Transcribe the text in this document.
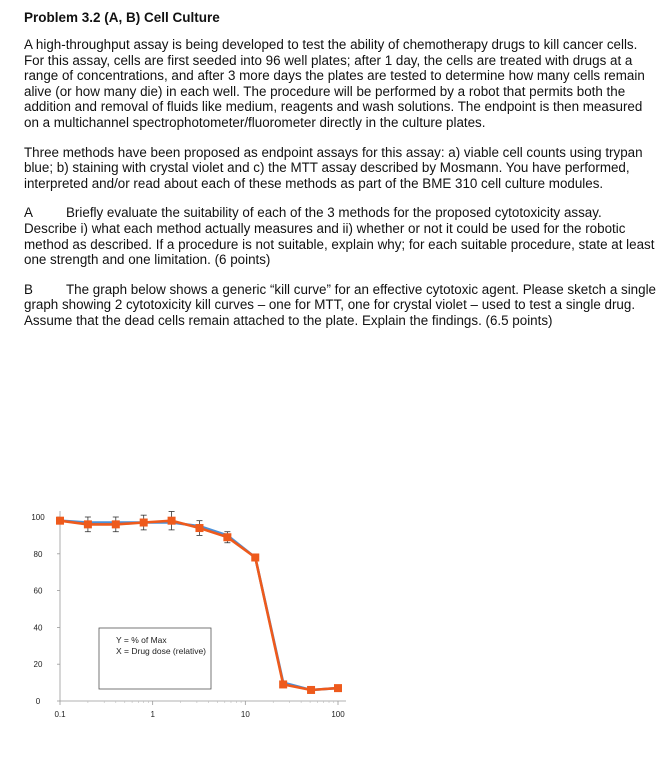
Problem 3.2 (A, B) Cell Culture

A high-throughput assay is being developed to test the ability of chemotherapy drugs to kill cancer cells. For this assay, cells are first seeded into 96 well plates; after 1 day, the cells are treated with drugs at a range of concentrations, and after 3 more days the plates are tested to determine how many cells remain alive (or how many die) in each well. The procedure will be performed by a robot that permits both the addition and removal of fluids like medium, reagents and wash solutions. The endpoint is then measured on a multichannel spectrophotometer/fluorometer directly in the culture plates.

Three methods have been proposed as endpoint assays for this assay: a) viable cell counts using trypan blue; b) staining with crystal violet and c) the MTT assay described by Mosmann. You have performed, interpreted and/or read about each of these methods as part of the BME 310 cell culture modules.

A Briefly evaluate the suitability of each of the 3 methods for the proposed cytotoxicity assay. Describe i) what each method actually measures and ii) whether or not it could be used for the robotic method as described. If a procedure is not suitable, explain why; for each suitable procedure, state at least one strength and one limitation. (6 points)

B The graph below shows a generic “kill curve” for an effective cytotoxic agent. Please sketch a single graph showing 2 cytotoxicity kill curves – one for MTT, one for crystal violet – used to test a single drug. Assume that the dead cells remain attached to the plate. Explain the findings. (6.5 points)

0
20
40
60
80
100
0.1	1	10	100
Y = % of Max
X = Drug dose (relative)
